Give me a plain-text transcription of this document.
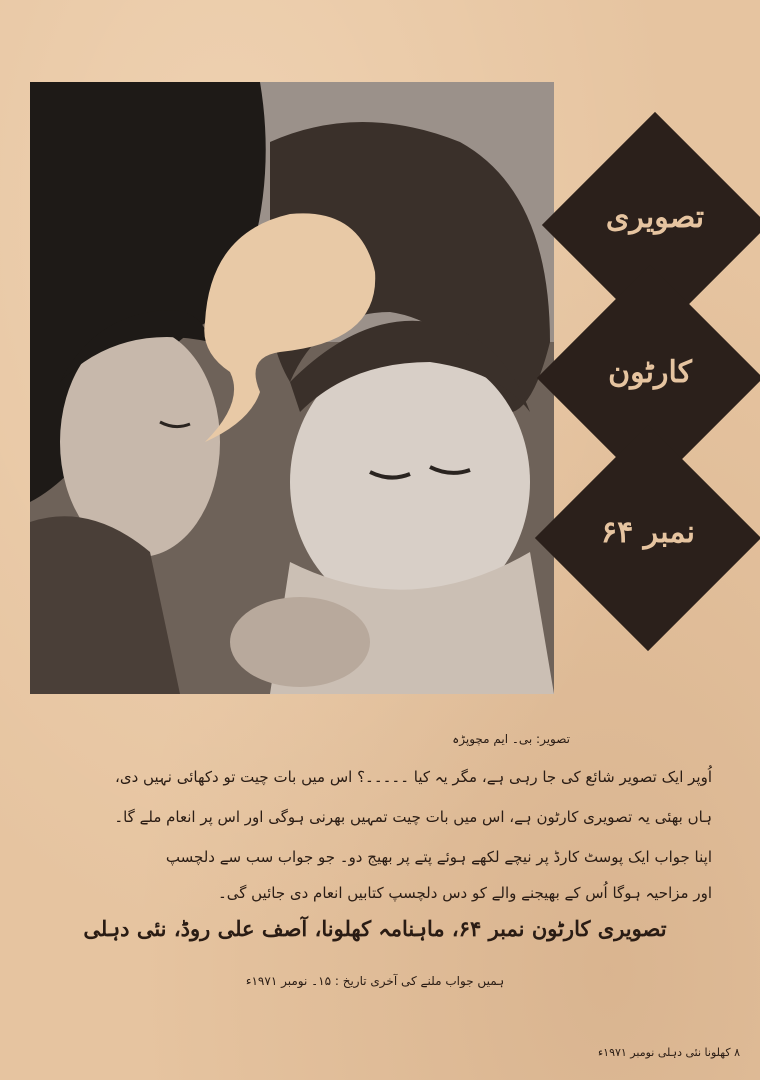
تصویری
کارٹون
نمبر ۶۴
تصویر: بی۔ ایم مچوپڑہ
اُوپر ایک تصویر شائع کی جا رہی ہے، مگر یہ کیا ۔۔۔۔۔؟ اس میں بات چیت تو دکھائی نہیں دی،
ہاں بھئی یہ تصویری کارٹون ہے، اس میں بات چیت تمہیں بھرنی ہوگی اور اس پر انعام ملے گا۔
اپنا جواب ایک پوسٹ کارڈ پر نیچے لکھے ہوئے پتے پر بھیج دو۔ جو جواب سب سے دلچسپ
اور مزاحیہ ہوگا اُس کے بھیجنے والے کو دس دلچسپ کتابیں انعام دی جائیں گی۔
تصویری کارٹون نمبر ۶۴، ماہنامہ کھلونا، آصف علی روڈ، نئی دہلی
ہمیں جواب ملنے کی آخری تاریخ : ۱۵۔ نومبر ۱۹۷۱ء
۸ کھلونا نئی دہلی نومبر ۱۹۷۱ء
